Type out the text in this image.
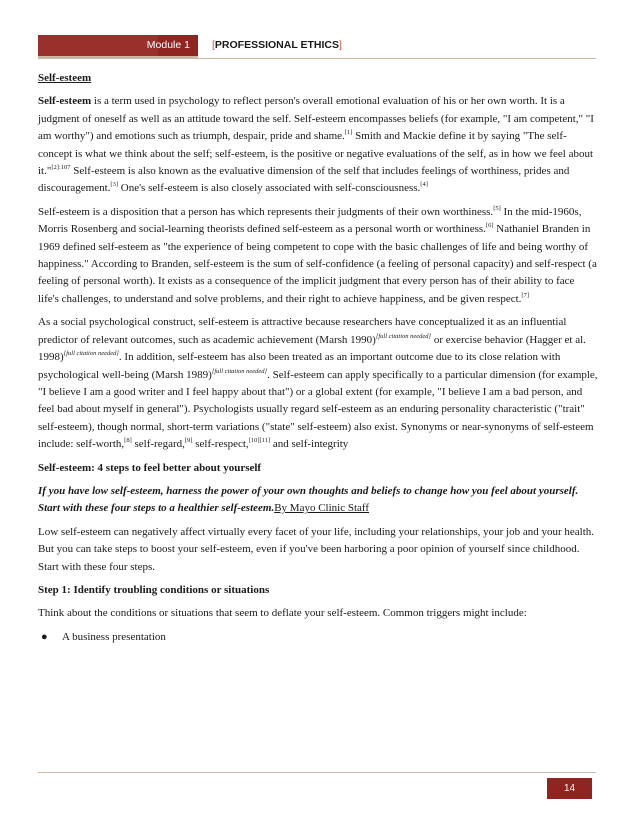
Module 1	[PROFESSIONAL ETHICS]

Self-esteem

Self-esteem is a term used in psychology to reflect person's overall emotional evaluation of his or her own worth. It is a judgment of oneself as well as an attitude toward the self. Self-esteem encompasses beliefs (for example, "I am competent," "I am worthy") and emotions such as triumph, despair, pride and shame.[1] Smith and Mackie define it by saying "The self-concept is what we think about the self; self-esteem, is the positive or negative evaluations of the self, as in how we feel about it."$^{[2]:107}$ Self-esteem is also known as the evaluative dimension of the self that includes feelings of worthiness, prides and discouragement.[3] One's self-esteem is also closely associated with self-consciousness.[4]

Self-esteem is a disposition that a person has which represents their judgments of their own worthiness.[5] In the mid-1960s, Morris Rosenberg and social-learning theorists defined self-esteem as a personal worth or worthiness.[6] Nathaniel Branden in 1969 defined self-esteem as "the experience of being competent to cope with the basic challenges of life and being worthy of happiness." According to Branden, self-esteem is the sum of self-confidence (a feeling of personal capacity) and self-respect (a feeling of personal worth). It exists as a consequence of the implicit judgment that every person has of their ability to face life's challenges, to understand and solve problems, and their right to achieve happiness, and be given respect.[7]

As a social psychological construct, self-esteem is attractive because researchers have conceptualized it as an influential predictor of relevant outcomes, such as academic achievement (Marsh 1990)[full citation needed] or exercise behavior (Hagger et al. 1998)[full citation needed]. In addition, self-esteem has also been treated as an important outcome due to its close relation with psychological well-being (Marsh 1989)[full citation needed]. Self-esteem can apply specifically to a particular dimension (for example, "I believe I am a good writer and I feel happy about that") or a global extent (for example, "I believe I am a bad person, and feel bad about myself in general"). Psychologists usually regard self-esteem as an enduring personality characteristic ("trait" self-esteem), though normal, short-term variations ("state" self-esteem) also exist. Synonyms or near-synonyms of self-esteem include: self-worth,[8] self-regard,[9] self-respect,[10][11] and self-integrity

Self-esteem: 4 steps to feel better about yourself

If you have low self-esteem, harness the power of your own thoughts and beliefs to change how you feel about yourself. Start with these four steps to a healthier self-esteem.By Mayo Clinic Staff

Low self-esteem can negatively affect virtually every facet of your life, including your relationships, your job and your health. But you can take steps to boost your self-esteem, even if you've been harboring a poor opinion of yourself since childhood. Start with these four steps.

Step 1: Identify troubling conditions or situations

Think about the conditions or situations that seem to deflate your self-esteem. Common triggers might include:

● A business presentation
14
